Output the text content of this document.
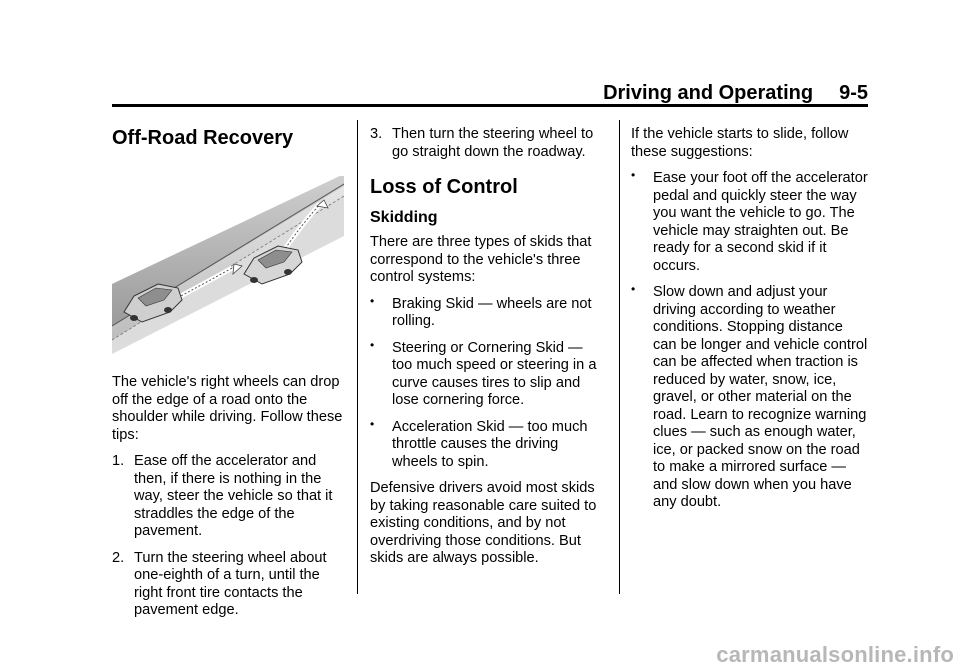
Driving and Operating 9-5
Off-Road Recovery

The vehicle's right wheels can drop off the edge of a road onto the shoulder while driving. Follow these tips:

1. Ease off the accelerator and then, if there is nothing in the way, steer the vehicle so that it straddles the edge of the pavement.
2. Turn the steering wheel about one-eighth of a turn, until the right front tire contacts the pavement edge.
3. Then turn the steering wheel to go straight down the roadway.
Loss of Control
Skidding

There are three types of skids that correspond to the vehicle's three control systems:

• Braking Skid — wheels are not rolling.
• Steering or Cornering Skid — too much speed or steering in a curve causes tires to slip and lose cornering force.
• Acceleration Skid — too much throttle causes the driving wheels to spin.

Defensive drivers avoid most skids by taking reasonable care suited to existing conditions, and by not overdriving those conditions. But skids are always possible.

If the vehicle starts to slide, follow these suggestions:

• Ease your foot off the accelerator pedal and quickly steer the way you want the vehicle to go. The vehicle may straighten out. Be ready for a second skid if it occurs.
• Slow down and adjust your driving according to weather conditions. Stopping distance can be longer and vehicle control can be affected when traction is reduced by water, snow, ice, gravel, or other material on the road. Learn to recognize warning clues — such as enough water, ice, or packed snow on the road to make a mirrored surface — and slow down when you have any doubt.
carmanualsonline.info
